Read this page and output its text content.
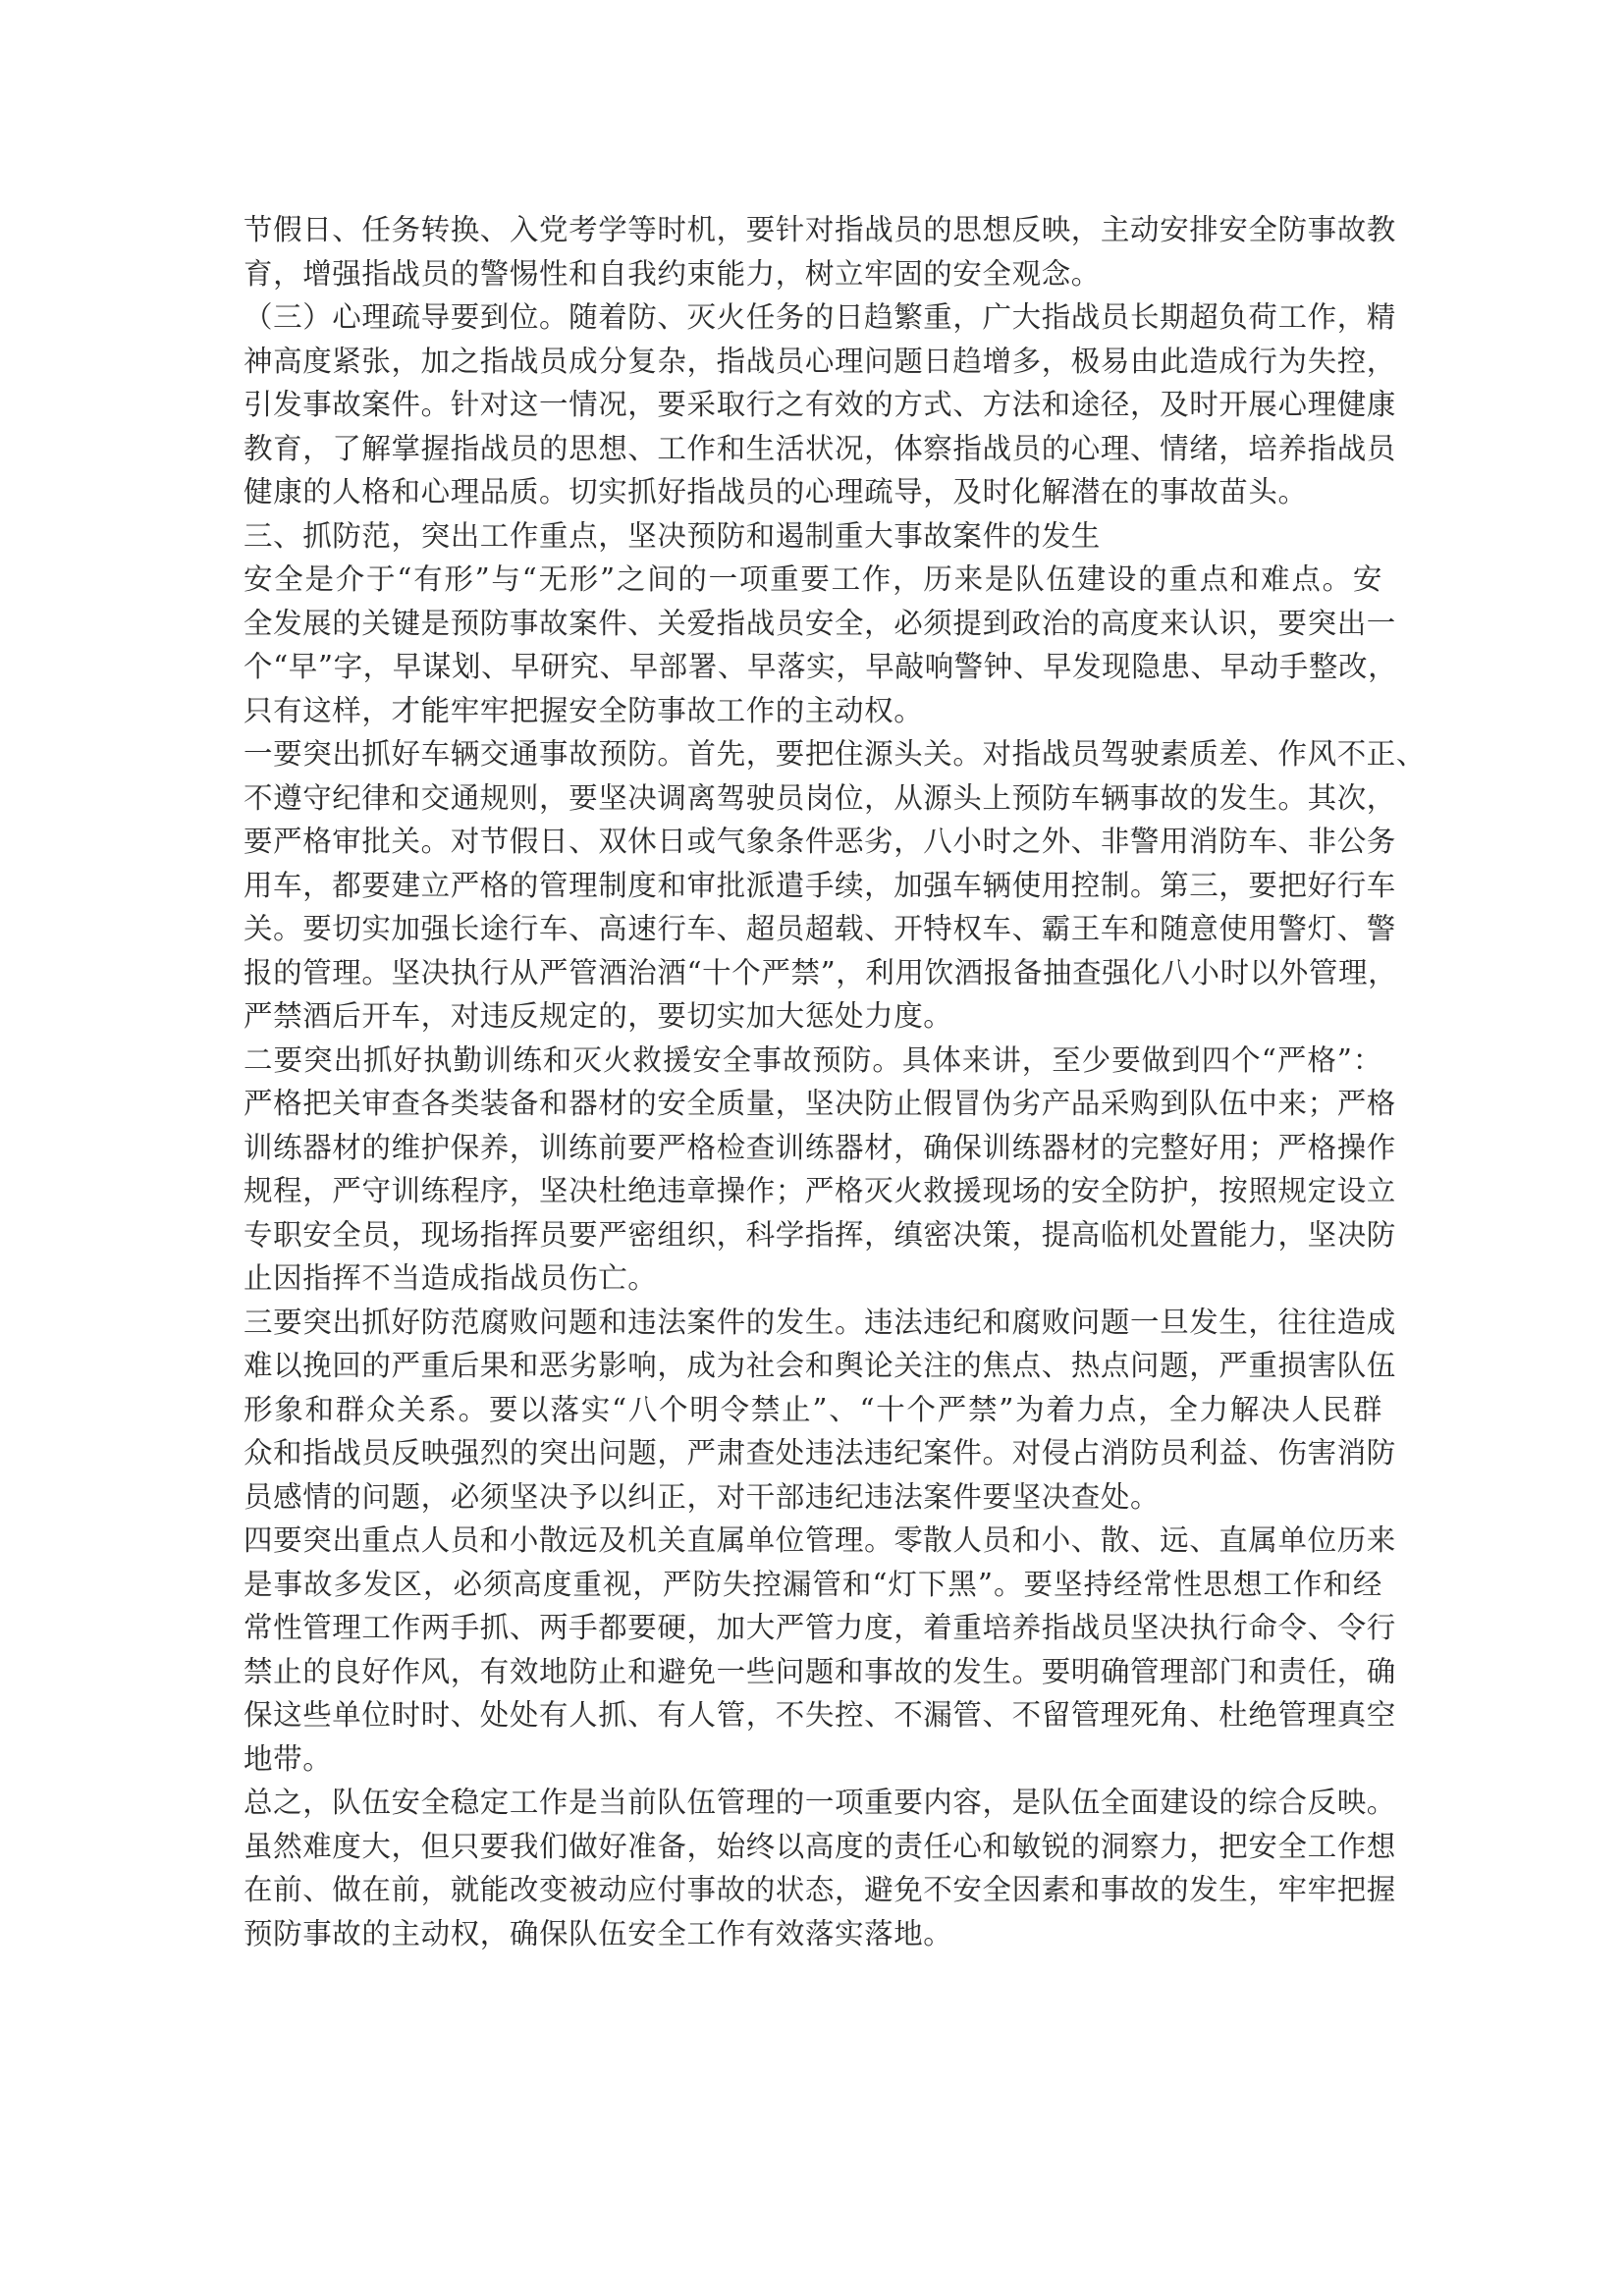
节假日、任务转换、入党考学等时机，要针对指战员的思想反映，主动安排安全防事故教
育，增强指战员的警惕性和自我约束能力，树立牢固的安全观念。
（三）心理疏导要到位。随着防、灭火任务的日趋繁重，广大指战员长期超负荷工作，精
神高度紧张，加之指战员成分复杂，指战员心理问题日趋增多，极易由此造成行为失控，
引发事故案件。针对这一情况，要采取行之有效的方式、方法和途径，及时开展心理健康
教育，了解掌握指战员的思想、工作和生活状况，体察指战员的心理、情绪，培养指战员
健康的人格和心理品质。切实抓好指战员的心理疏导，及时化解潜在的事故苗头。
三、抓防范，突出工作重点，坚决预防和遏制重大事故案件的发生
安全是介于“有形”与“无形”之间的一项重要工作，历来是队伍建设的重点和难点。安
全发展的关键是预防事故案件、关爱指战员安全，必须提到政治的高度来认识，要突出一
个“早”字，早谋划、早研究、早部署、早落实，早敲响警钟、早发现隐患、早动手整改，
只有这样，才能牢牢把握安全防事故工作的主动权。
一要突出抓好车辆交通事故预防。首先，要把住源头关。对指战员驾驶素质差、作风不正、
不遵守纪律和交通规则，要坚决调离驾驶员岗位，从源头上预防车辆事故的发生。其次，
要严格审批关。对节假日、双休日或气象条件恶劣，八小时之外、非警用消防车、非公务
用车，都要建立严格的管理制度和审批派遣手续，加强车辆使用控制。第三，要把好行车
关。要切实加强长途行车、高速行车、超员超载、开特权车、霸王车和随意使用警灯、警
报的管理。坚决执行从严管酒治酒“十个严禁”，利用饮酒报备抽查强化八小时以外管理，
严禁酒后开车，对违反规定的，要切实加大惩处力度。
二要突出抓好执勤训练和灭火救援安全事故预防。具体来讲，至少要做到四个“严格”：
严格把关审查各类装备和器材的安全质量，坚决防止假冒伪劣产品采购到队伍中来；严格
训练器材的维护保养，训练前要严格检查训练器材，确保训练器材的完整好用；严格操作
规程，严守训练程序，坚决杜绝违章操作；严格灭火救援现场的安全防护，按照规定设立
专职安全员，现场指挥员要严密组织，科学指挥，缜密决策，提高临机处置能力，坚决防
止因指挥不当造成指战员伤亡。
三要突出抓好防范腐败问题和违法案件的发生。违法违纪和腐败问题一旦发生，往往造成
难以挽回的严重后果和恶劣影响，成为社会和舆论关注的焦点、热点问题，严重损害队伍
形象和群众关系。要以落实“八个明令禁止”、“十个严禁”为着力点，全力解决人民群
众和指战员反映强烈的突出问题，严肃查处违法违纪案件。对侵占消防员利益、伤害消防
员感情的问题，必须坚决予以纠正，对干部违纪违法案件要坚决查处。
四要突出重点人员和小散远及机关直属单位管理。零散人员和小、散、远、直属单位历来
是事故多发区，必须高度重视，严防失控漏管和“灯下黑”。要坚持经常性思想工作和经
常性管理工作两手抓、两手都要硬，加大严管力度，着重培养指战员坚决执行命令、令行
禁止的良好作风，有效地防止和避免一些问题和事故的发生。要明确管理部门和责任，确
保这些单位时时、处处有人抓、有人管，不失控、不漏管、不留管理死角、杜绝管理真空
地带。
总之，队伍安全稳定工作是当前队伍管理的一项重要内容，是队伍全面建设的综合反映。
虽然难度大，但只要我们做好准备，始终以高度的责任心和敏锐的洞察力，把安全工作想
在前、做在前，就能改变被动应付事故的状态，避免不安全因素和事故的发生，牢牢把握
预防事故的主动权，确保队伍安全工作有效落实落地。
